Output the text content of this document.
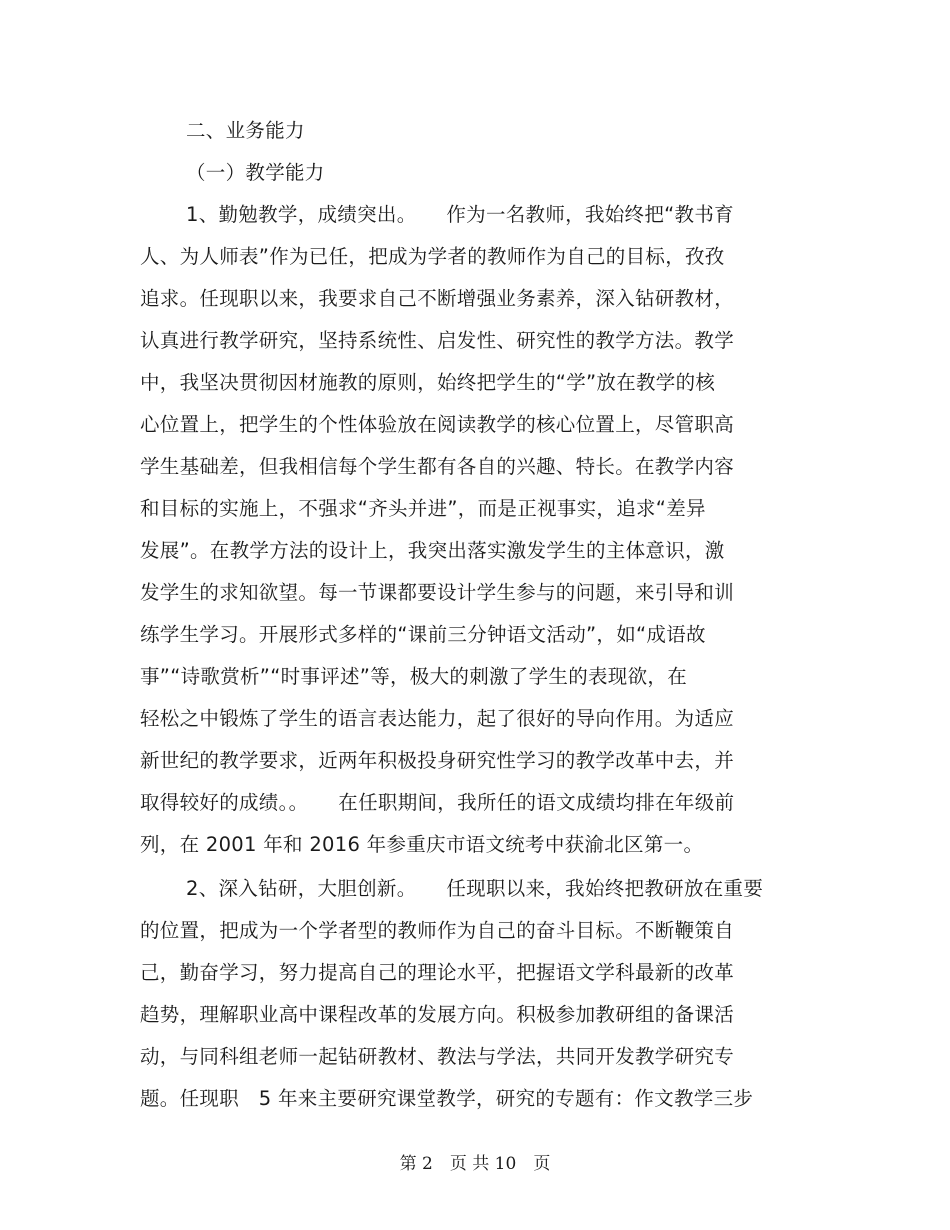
二、业务能力
（一）教学能力
1、勤勉教学，成绩突出。　　作为一名教师，我始终把“教书育
人、为人师表”作为已任，把成为学者的教师作为自己的目标，孜孜
追求。任现职以来，我要求自己不断增强业务素养，深入钻研教材，
认真进行教学研究，坚持系统性、启发性、研究性的教学方法。教学
中，我坚决贯彻因材施教的原则，始终把学生的“学”放在教学的核
心位置上，把学生的个性体验放在阅读教学的核心位置上，尽管职高
学生基础差，但我相信每个学生都有各自的兴趣、特长。在教学内容
和目标的实施上，不强求“齐头并进”，而是正视事实，追求“差异
发展”。在教学方法的设计上，我突出落实激发学生的主体意识，激
发学生的求知欲望。每一节课都要设计学生参与的问题，来引导和训
练学生学习。开展形式多样的“课前三分钟语文活动”，如“成语故
事”“诗歌赏析”“时事评述”等，极大的刺激了学生的表现欲，在
轻松之中锻炼了学生的语言表达能力，起了很好的导向作用。为适应
新世纪的教学要求，近两年积极投身研究性学习的教学改革中去，并
取得较好的成绩。。　　在任职期间，我所任的语文成绩均排在年级前
列，在 2001 年和 2016 年参重庆市语文统考中获渝北区第一。
2、深入钻研，大胆创新。　　任现职以来，我始终把教研放在重要
的位置，把成为一个学者型的教师作为自己的奋斗目标。不断鞭策自
己，勤奋学习，努力提高自己的理论水平，把握语文学科最新的改革
趋势，理解职业高中课程改革的发展方向。积极参加教研组的备课活
动，与同科组老师一起钻研教材、教法与学法，共同开发教学研究专
题。任现职　5 年来主要研究课堂教学，研究的专题有：作文教学三步
第 2　页 共 10　页
